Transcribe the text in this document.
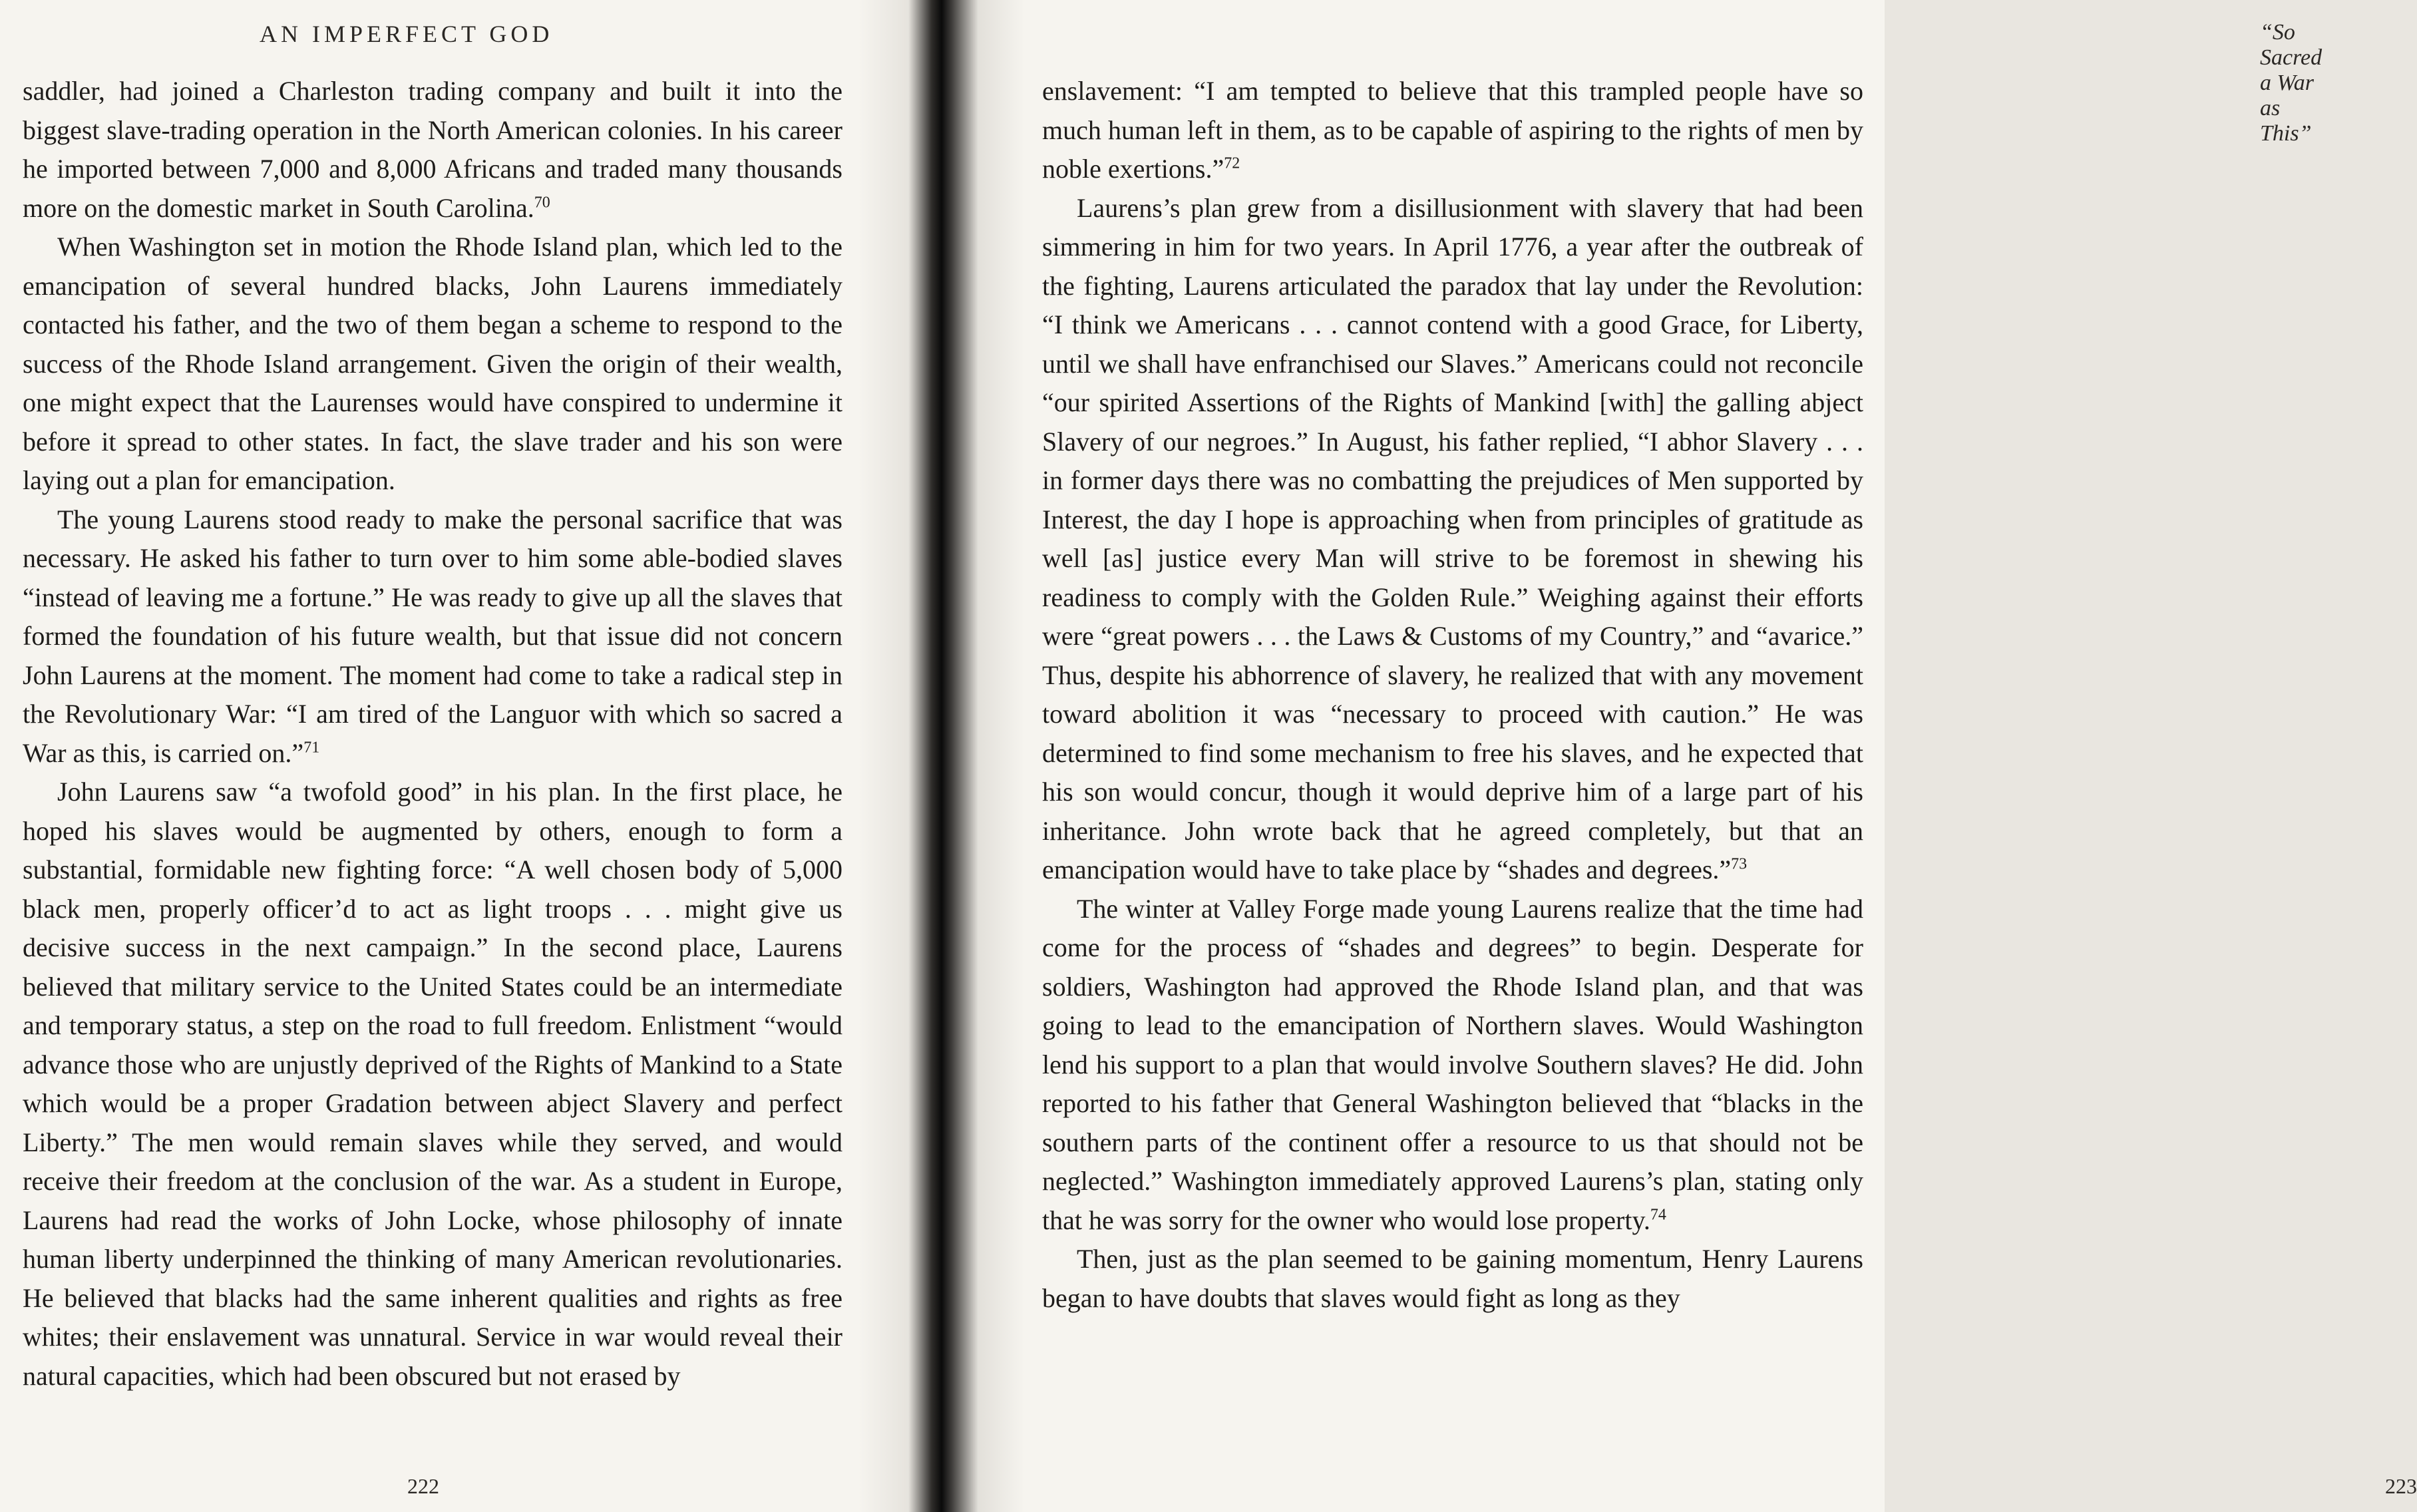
AN IMPERFECT GOD

saddler, had joined a Charleston trading company and built it into the biggest slave-trading operation in the North American colonies. In his career he imported between 7,000 and 8,000 Africans and traded many thousands more on the domestic market in South Carolina.$^{70}$

When Washington set in motion the Rhode Island plan, which led to the emancipation of several hundred blacks, John Laurens immediately contacted his father, and the two of them began a scheme to respond to the success of the Rhode Island arrangement. Given the origin of their wealth, one might expect that the Laurenses would have conspired to undermine it before it spread to other states. In fact, the slave trader and his son were laying out a plan for emancipation.

The young Laurens stood ready to make the personal sacrifice that was necessary. He asked his father to turn over to him some able-bodied slaves “instead of leaving me a fortune.” He was ready to give up all the slaves that formed the foundation of his future wealth, but that issue did not concern John Laurens at the moment. The moment had come to take a radical step in the Revolutionary War: “I am tired of the Languor with which so sacred a War as this, is carried on.”$^{71}$

John Laurens saw “a twofold good” in his plan. In the first place, he hoped his slaves would be augmented by others, enough to form a substantial, formidable new fighting force: “A well chosen body of 5,000 black men, properly officer’d to act as light troops . . . might give us decisive success in the next campaign.” In the second place, Laurens believed that military service to the United States could be an intermediate and temporary status, a step on the road to full freedom. Enlistment “would advance those who are unjustly deprived of the Rights of Mankind to a State which would be a proper Gradation between abject Slavery and perfect Liberty.” The men would remain slaves while they served, and would receive their freedom at the conclusion of the war. As a student in Europe, Laurens had read the works of John Locke, whose philosophy of innate human liberty underpinned the thinking of many American revolutionaries. He believed that blacks had the same inherent qualities and rights as free whites; their enslavement was unnatural. Service in war would reveal their natural capacities, which had been obscured but not erased by

222
“So Sacred a War as This”

enslavement: “I am tempted to believe that this trampled people have so much human left in them, as to be capable of aspiring to the rights of men by noble exertions.”$^{72}$

Laurens’s plan grew from a disillusionment with slavery that had been simmering in him for two years. In April 1776, a year after the outbreak of the fighting, Laurens articulated the paradox that lay under the Revolution: “I think we Americans . . . cannot contend with a good Grace, for Liberty, until we shall have enfranchised our Slaves.” Americans could not reconcile “our spirited Assertions of the Rights of Mankind [with] the galling abject Slavery of our negroes.” In August, his father replied, “I abhor Slavery . . . in former days there was no combatting the prejudices of Men supported by Interest, the day I hope is approaching when from principles of gratitude as well [as] justice every Man will strive to be foremost in shewing his readiness to comply with the Golden Rule.” Weighing against their efforts were “great powers . . . the Laws & Customs of my Country,” and “avarice.” Thus, despite his abhorrence of slavery, he realized that with any movement toward abolition it was “necessary to proceed with caution.” He was determined to find some mechanism to free his slaves, and he expected that his son would concur, though it would deprive him of a large part of his inheritance. John wrote back that he agreed completely, but that an emancipation would have to take place by “shades and degrees.”$^{73}$

The winter at Valley Forge made young Laurens realize that the time had come for the process of “shades and degrees” to begin. Desperate for soldiers, Washington had approved the Rhode Island plan, and that was going to lead to the emancipation of Northern slaves. Would Washington lend his support to a plan that would involve Southern slaves? He did. John reported to his father that General Washington believed that “blacks in the southern parts of the continent offer a resource to us that should not be neglected.” Washington immediately approved Laurens’s plan, stating only that he was sorry for the owner who would lose property.$^{74}$

Then, just as the plan seemed to be gaining momentum, Henry Laurens began to have doubts that slaves would fight as long as they

223
